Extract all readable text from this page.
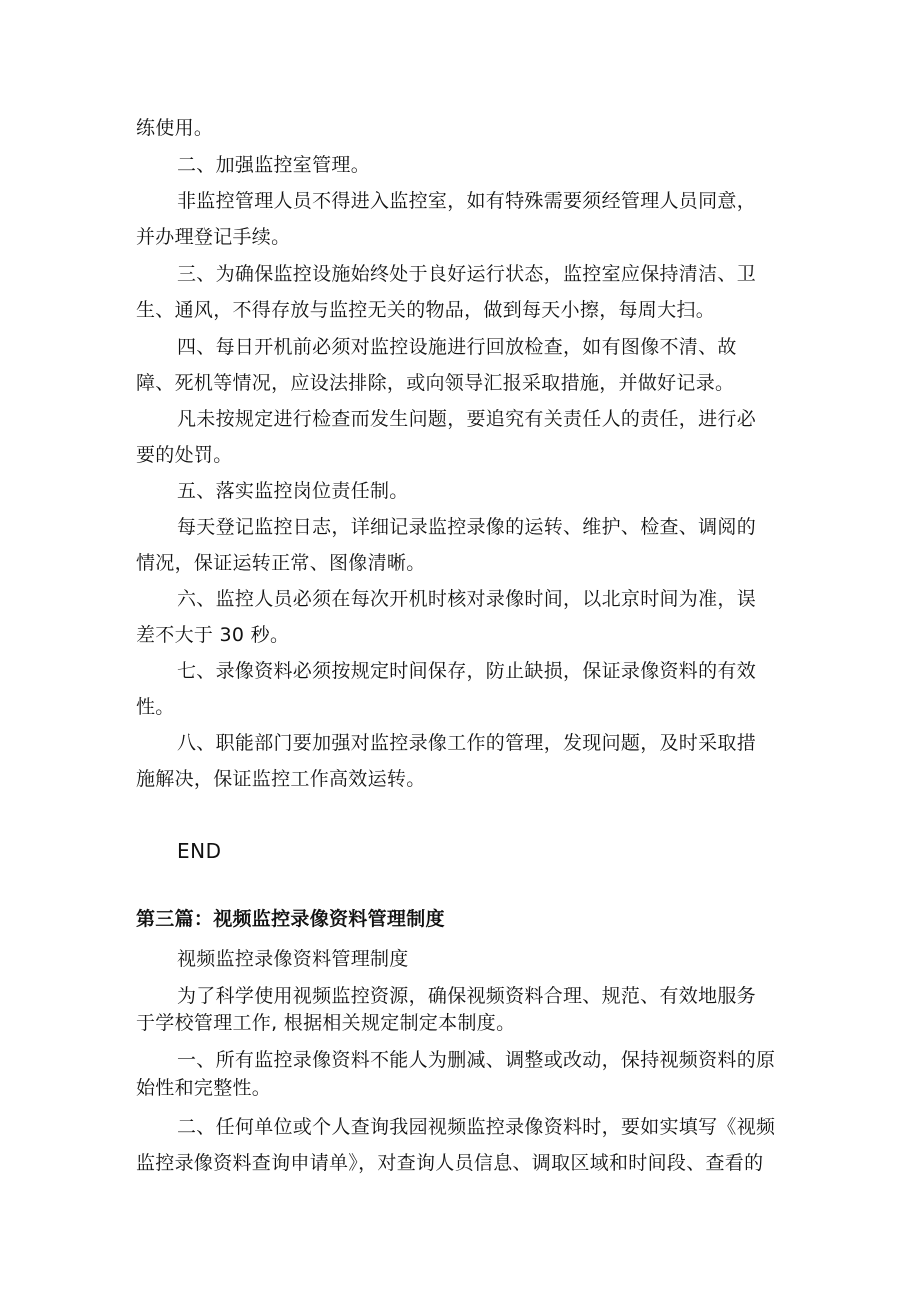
练使用。
二、加强监控室管理。
非监控管理人员不得进入监控室，如有特殊需要须经管理人员同意，
并办理登记手续。
三、为确保监控设施始终处于良好运行状态，监控室应保持清洁、卫
生、通风，不得存放与监控无关的物品，做到每天小擦，每周大扫。
四、每日开机前必须对监控设施进行回放检查，如有图像不清、故
障、死机等情况，应设法排除，或向领导汇报采取措施，并做好记录。
凡未按规定进行检查而发生问题，要追究有关责任人的责任，进行必
要的处罚。
五、落实监控岗位责任制。
每天登记监控日志，详细记录监控录像的运转、维护、检查、调阅的
情况，保证运转正常、图像清晰。
六、监控人员必须在每次开机时核对录像时间，以北京时间为准，误
差不大于 30 秒。
七、录像资料必须按规定时间保存，防止缺损，保证录像资料的有效
性。
八、职能部门要加强对监控录像工作的管理，发现问题，及时采取措
施解决，保证监控工作高效运转。
END
第三篇：视频监控录像资料管理制度
视频监控录像资料管理制度
为了科学使用视频监控资源，确保视频资料合理、规范、有效地服务
于学校管理工作, 根据相关规定制定本制度。
一、所有监控录像资料不能人为删减、调整或改动，保持视频资料的原
始性和完整性。
二、任何单位或个人查询我园视频监控录像资料时，要如实填写《视频
监控录像资料查询申请单》，对查询人员信息、调取区域和时间段、查看的
